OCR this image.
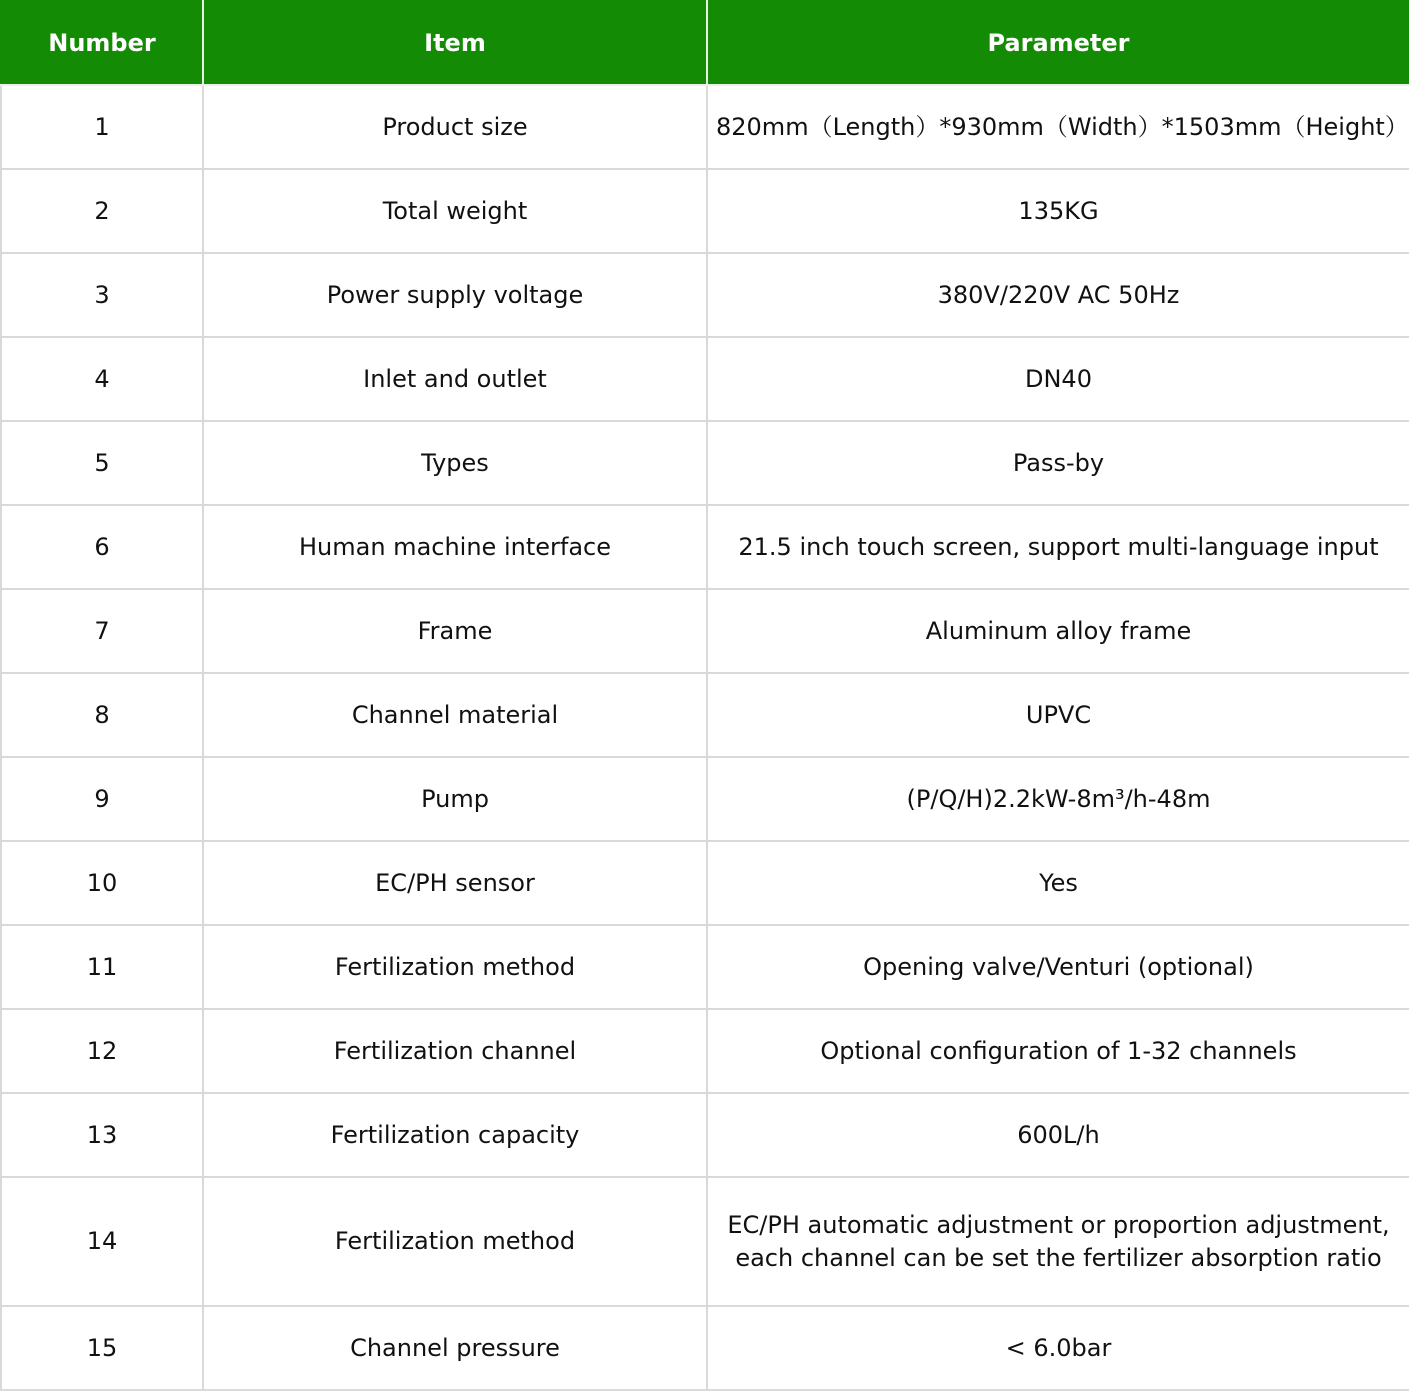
Number	Item	Parameter
1	Product size	820mm（Length）*930mm（Width）*1503mm（Height）
2	Total weight	135KG
3	Power supply voltage	380V/220V AC 50Hz
4	Inlet and outlet	DN40
5	Types	Pass-by
6	Human machine interface	21.5 inch touch screen, support multi-language input
7	Frame	Aluminum alloy frame
8	Channel material	UPVC
9	Pump	(P/Q/H)2.2kW-8m³/h-48m
10	EC/PH sensor	Yes
11	Fertilization method	Opening valve/Venturi (optional)
12	Fertilization channel	Optional configuration of 1-32 channels
13	Fertilization capacity	600L/h
14	Fertilization method	EC/PH automatic adjustment or proportion adjustment,
each channel can be set the fertilizer absorption ratio

15	Channel pressure	< 6.0bar
